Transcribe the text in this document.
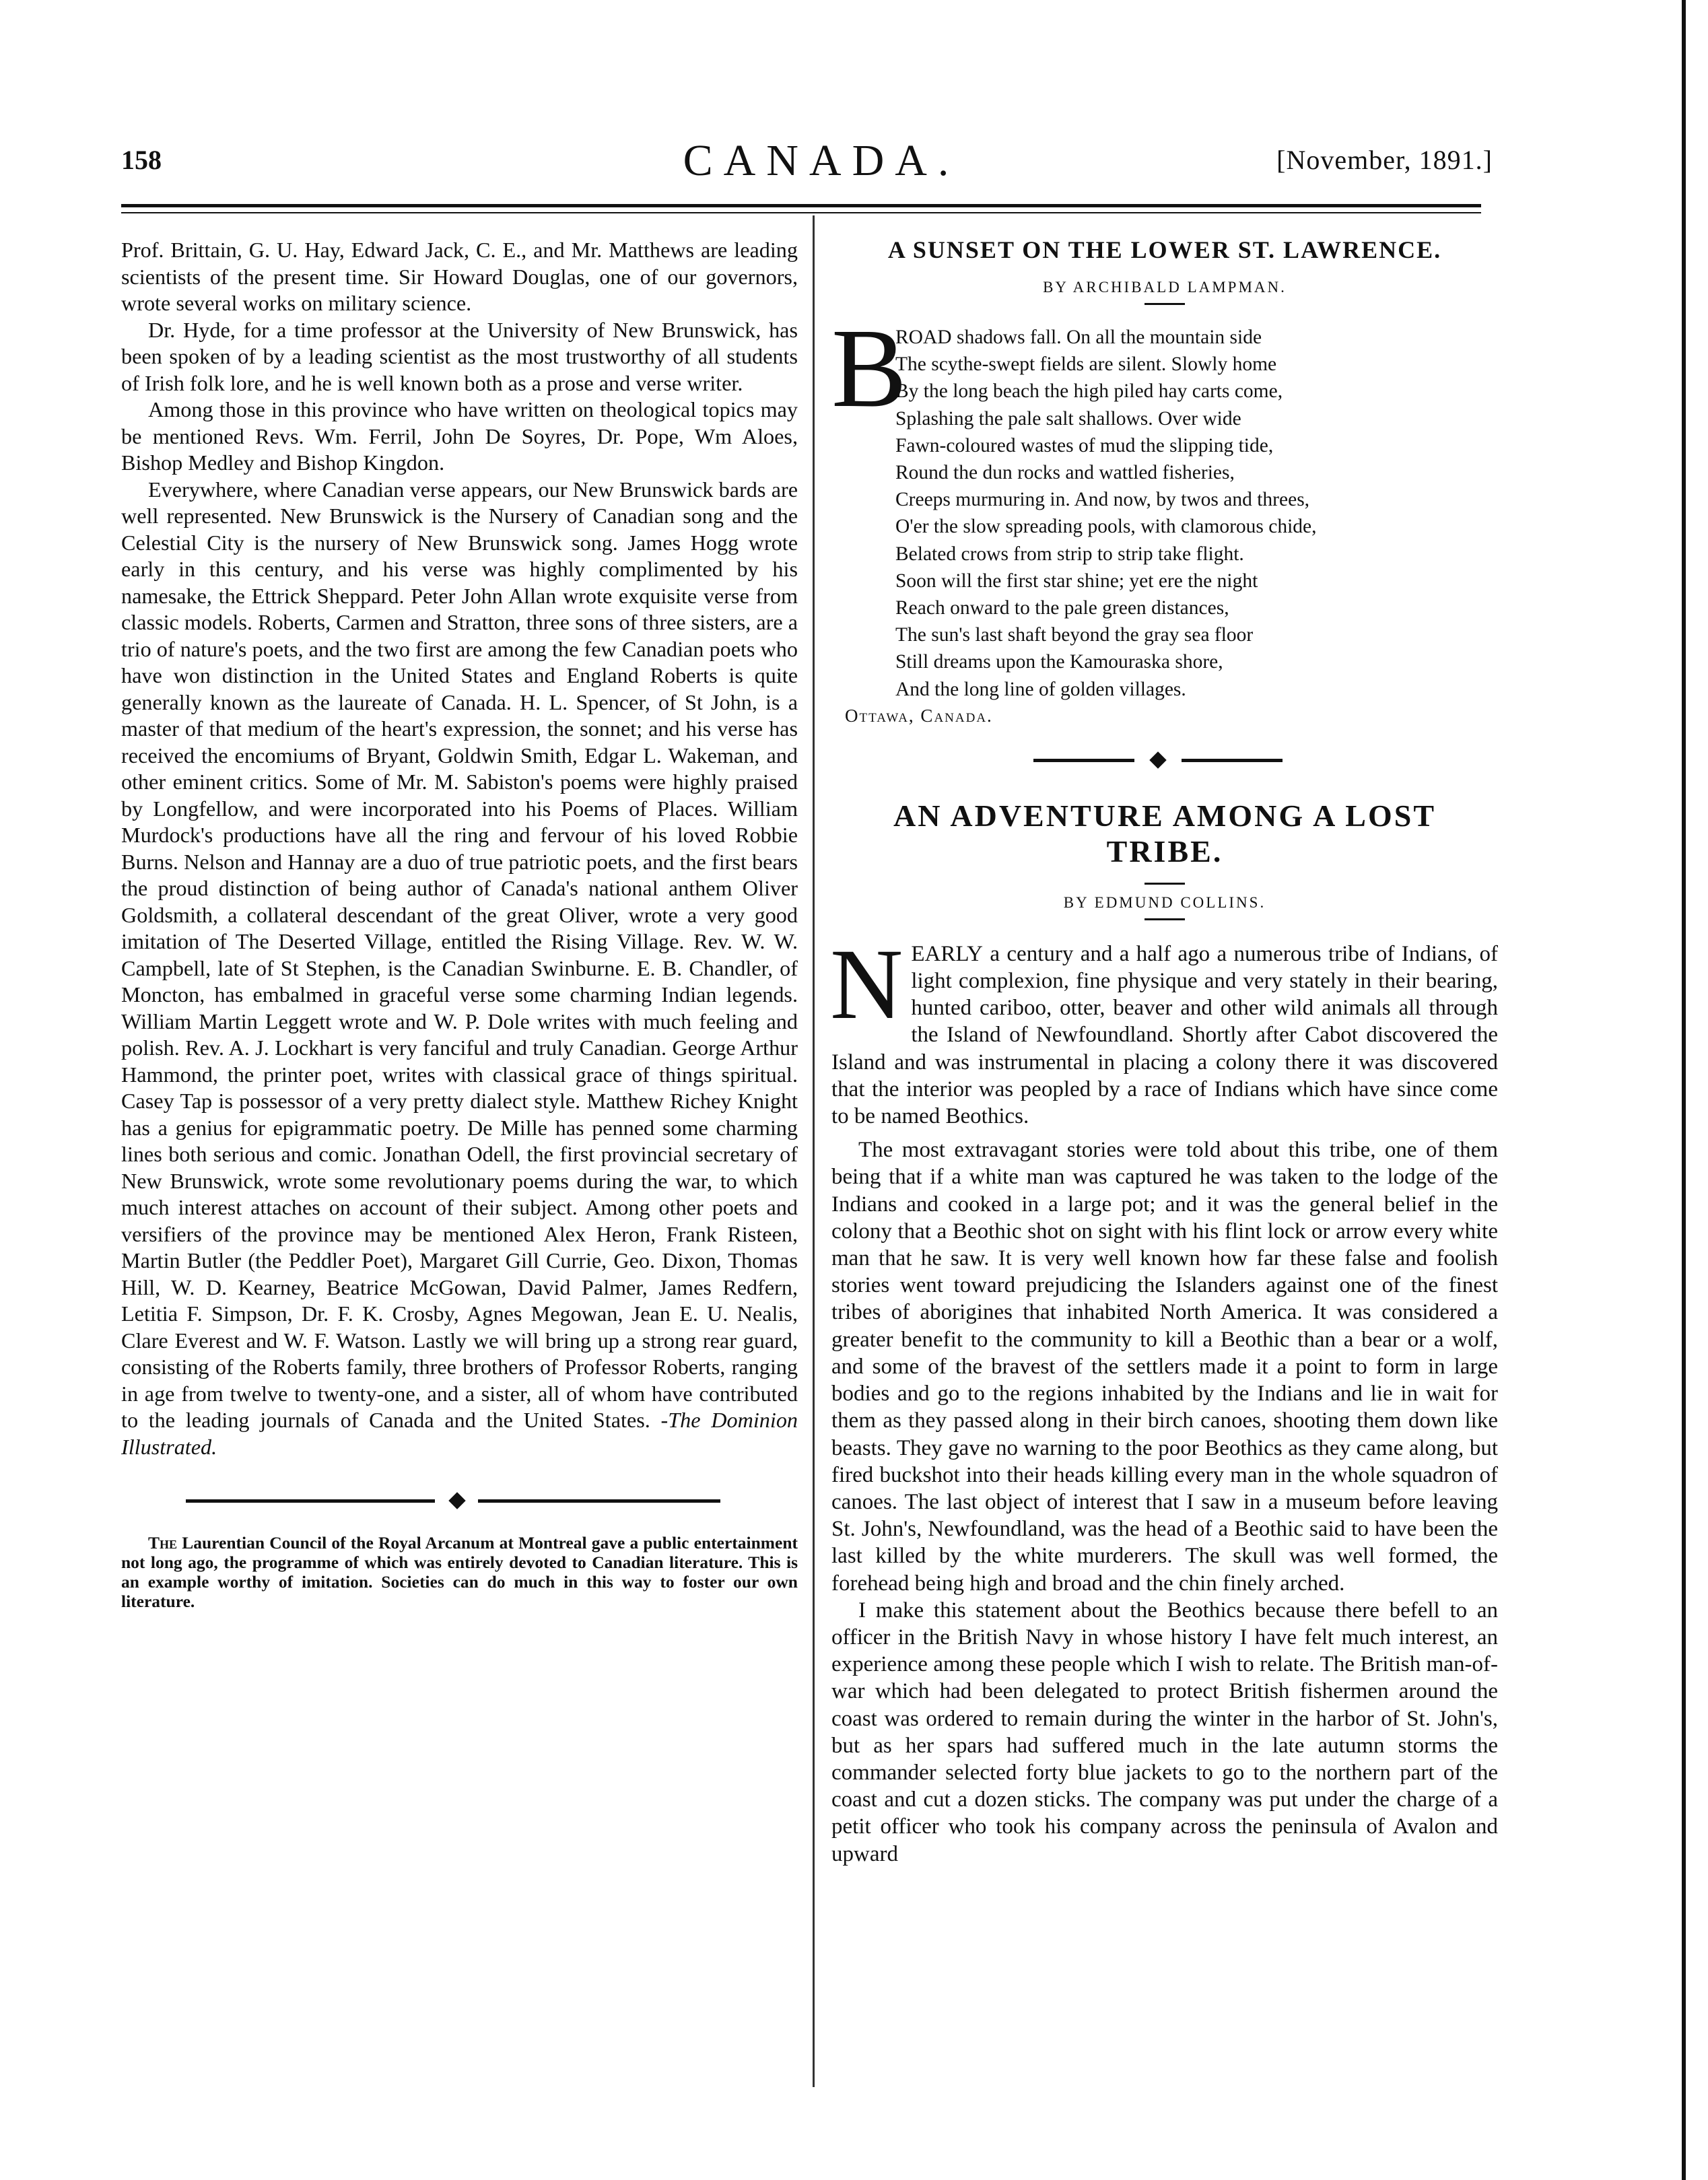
158	CANADA.	[November, 1891.]

Prof. Brittain, G. U. Hay, Edward Jack, C. E., and Mr. Matthews are leading scientists of the present time. Sir Howard Douglas, one of our governors, wrote several works on military science.

Dr. Hyde, for a time professor at the University of New Brunswick, has been spoken of by a leading scientist as the most trustworthy of all students of Irish folk lore, and he is well known both as a prose and verse writer.

Among those in this province who have written on theological topics may be mentioned Revs. Wm. Ferril, John De Soyres, Dr. Pope, Wm Aloes, Bishop Medley and Bishop Kingdon.

Everywhere, where Canadian verse appears, our New Brunswick bards are well represented. New Brunswick is the Nursery of Canadian song and the Celestial City is the nursery of New Brunswick song. James Hogg wrote early in this century, and his verse was highly complimented by his namesake, the Ettrick Sheppard. Peter John Allan wrote exquisite verse from classic models. Roberts, Carmen and Stratton, three sons of three sisters, are a trio of nature's poets, and the two first are among the few Canadian poets who have won distinction in the United States and England Roberts is quite generally known as the laureate of Canada. H. L. Spencer, of St John, is a master of that medium of the heart's expression, the sonnet; and his verse has received the encomiums of Bryant, Goldwin Smith, Edgar L. Wakeman, and other eminent critics. Some of Mr. M. Sabiston's poems were highly praised by Longfellow, and were incorporated into his Poems of Places. William Murdock's productions have all the ring and fervour of his loved Robbie Burns. Nelson and Hannay are a duo of true patriotic poets, and the first bears the proud distinction of being author of Canada's national anthem Oliver Goldsmith, a collateral descendant of the great Oliver, wrote a very good imitation of The Deserted Village, entitled the Rising Village. Rev. W. W. Campbell, late of St Stephen, is the Canadian Swinburne. E. B. Chandler, of Moncton, has embalmed in graceful verse some charming Indian legends. William Martin Leggett wrote and W. P. Dole writes with much feeling and polish. Rev. A. J. Lockhart is very fanciful and truly Canadian. George Arthur Hammond, the printer poet, writes with classical grace of things spiritual. Casey Tap is possessor of a very pretty dialect style. Matthew Richey Knight has a genius for epigrammatic poetry. De Mille has penned some charming lines both serious and comic. Jonathan Odell, the first provincial secretary of New Brunswick, wrote some revolutionary poems during the war, to which much interest attaches on account of their subject. Among other poets and versifiers of the province may be mentioned Alex Heron, Frank Risteen, Martin Butler (the Peddler Poet), Margaret Gill Currie, Geo. Dixon, Thomas Hill, W. D. Kearney, Beatrice McGowan, David Palmer, James Redfern, Letitia F. Simpson, Dr. F. K. Crosby, Agnes Megowan, Jean E. U. Nealis, Clare Everest and W. F. Watson. Lastly we will bring up a strong rear guard, consisting of the Roberts family, three brothers of Professor Roberts, ranging in age from twelve to twenty-one, and a sister, all of whom have contributed to the leading journals of Canada and the United States. -The Dominion Illustrated.

The Laurentian Council of the Royal Arcanum at Montreal gave a public entertainment not long ago, the programme of which was entirely devoted to Canadian literature. This is an example worthy of imitation. Societies can do much in this way to foster our own literature.

A SUNSET ON THE LOWER ST. LAWRENCE.

BY ARCHIBALD LAMPMAN.

B

ROAD shadows fall. On all the mountain side

The scythe-swept fields are silent. Slowly home

By the long beach the high piled hay carts come,

Splashing the pale salt shallows. Over wide

Fawn-coloured wastes of mud the slipping tide,

Round the dun rocks and wattled fisheries,

Creeps murmuring in. And now, by twos and threes,

O'er the slow spreading pools, with clamorous chide,

Belated crows from strip to strip take flight.

Soon will the first star shine; yet ere the night

Reach onward to the pale green distances,

The sun's last shaft beyond the gray sea floor

Still dreams upon the Kamouraska shore,

And the long line of golden villages.

Ottawa, Canada.

AN ADVENTURE AMONG A LOST TRIBE.

BY EDMUND COLLINS.

NEARLY a century and a half ago a numerous tribe of Indians, of light complexion, fine physique and very stately in their bearing, hunted cariboo, otter, beaver and other wild animals all through the Island of Newfoundland. Shortly after Cabot discovered the Island and was instrumental in placing a colony there it was discovered that the interior was peopled by a race of Indians which have since come to be named Beothics.

The most extravagant stories were told about this tribe, one of them being that if a white man was captured he was taken to the lodge of the Indians and cooked in a large pot; and it was the general belief in the colony that a Beothic shot on sight with his flint lock or arrow every white man that he saw. It is very well known how far these false and foolish stories went toward prejudicing the Islanders against one of the finest tribes of aborigines that inhabited North America. It was considered a greater benefit to the community to kill a Beothic than a bear or a wolf, and some of the bravest of the settlers made it a point to form in large bodies and go to the regions inhabited by the Indians and lie in wait for them as they passed along in their birch canoes, shooting them down like beasts. They gave no warning to the poor Beothics as they came along, but fired buckshot into their heads killing every man in the whole squadron of canoes. The last object of interest that I saw in a museum before leaving St. John's, Newfoundland, was the head of a Beothic said to have been the last killed by the white murderers. The skull was well formed, the forehead being high and broad and the chin finely arched.

I make this statement about the Beothics because there befell to an officer in the British Navy in whose history I have felt much interest, an experience among these people which I wish to relate. The British man-of-war which had been delegated to protect British fishermen around the coast was ordered to remain during the winter in the harbor of St. John's, but as her spars had suffered much in the late autumn storms the commander selected forty blue jackets to go to the northern part of the coast and cut a dozen sticks. The company was put under the charge of a petit officer who took his company across the peninsula of Avalon and upward
